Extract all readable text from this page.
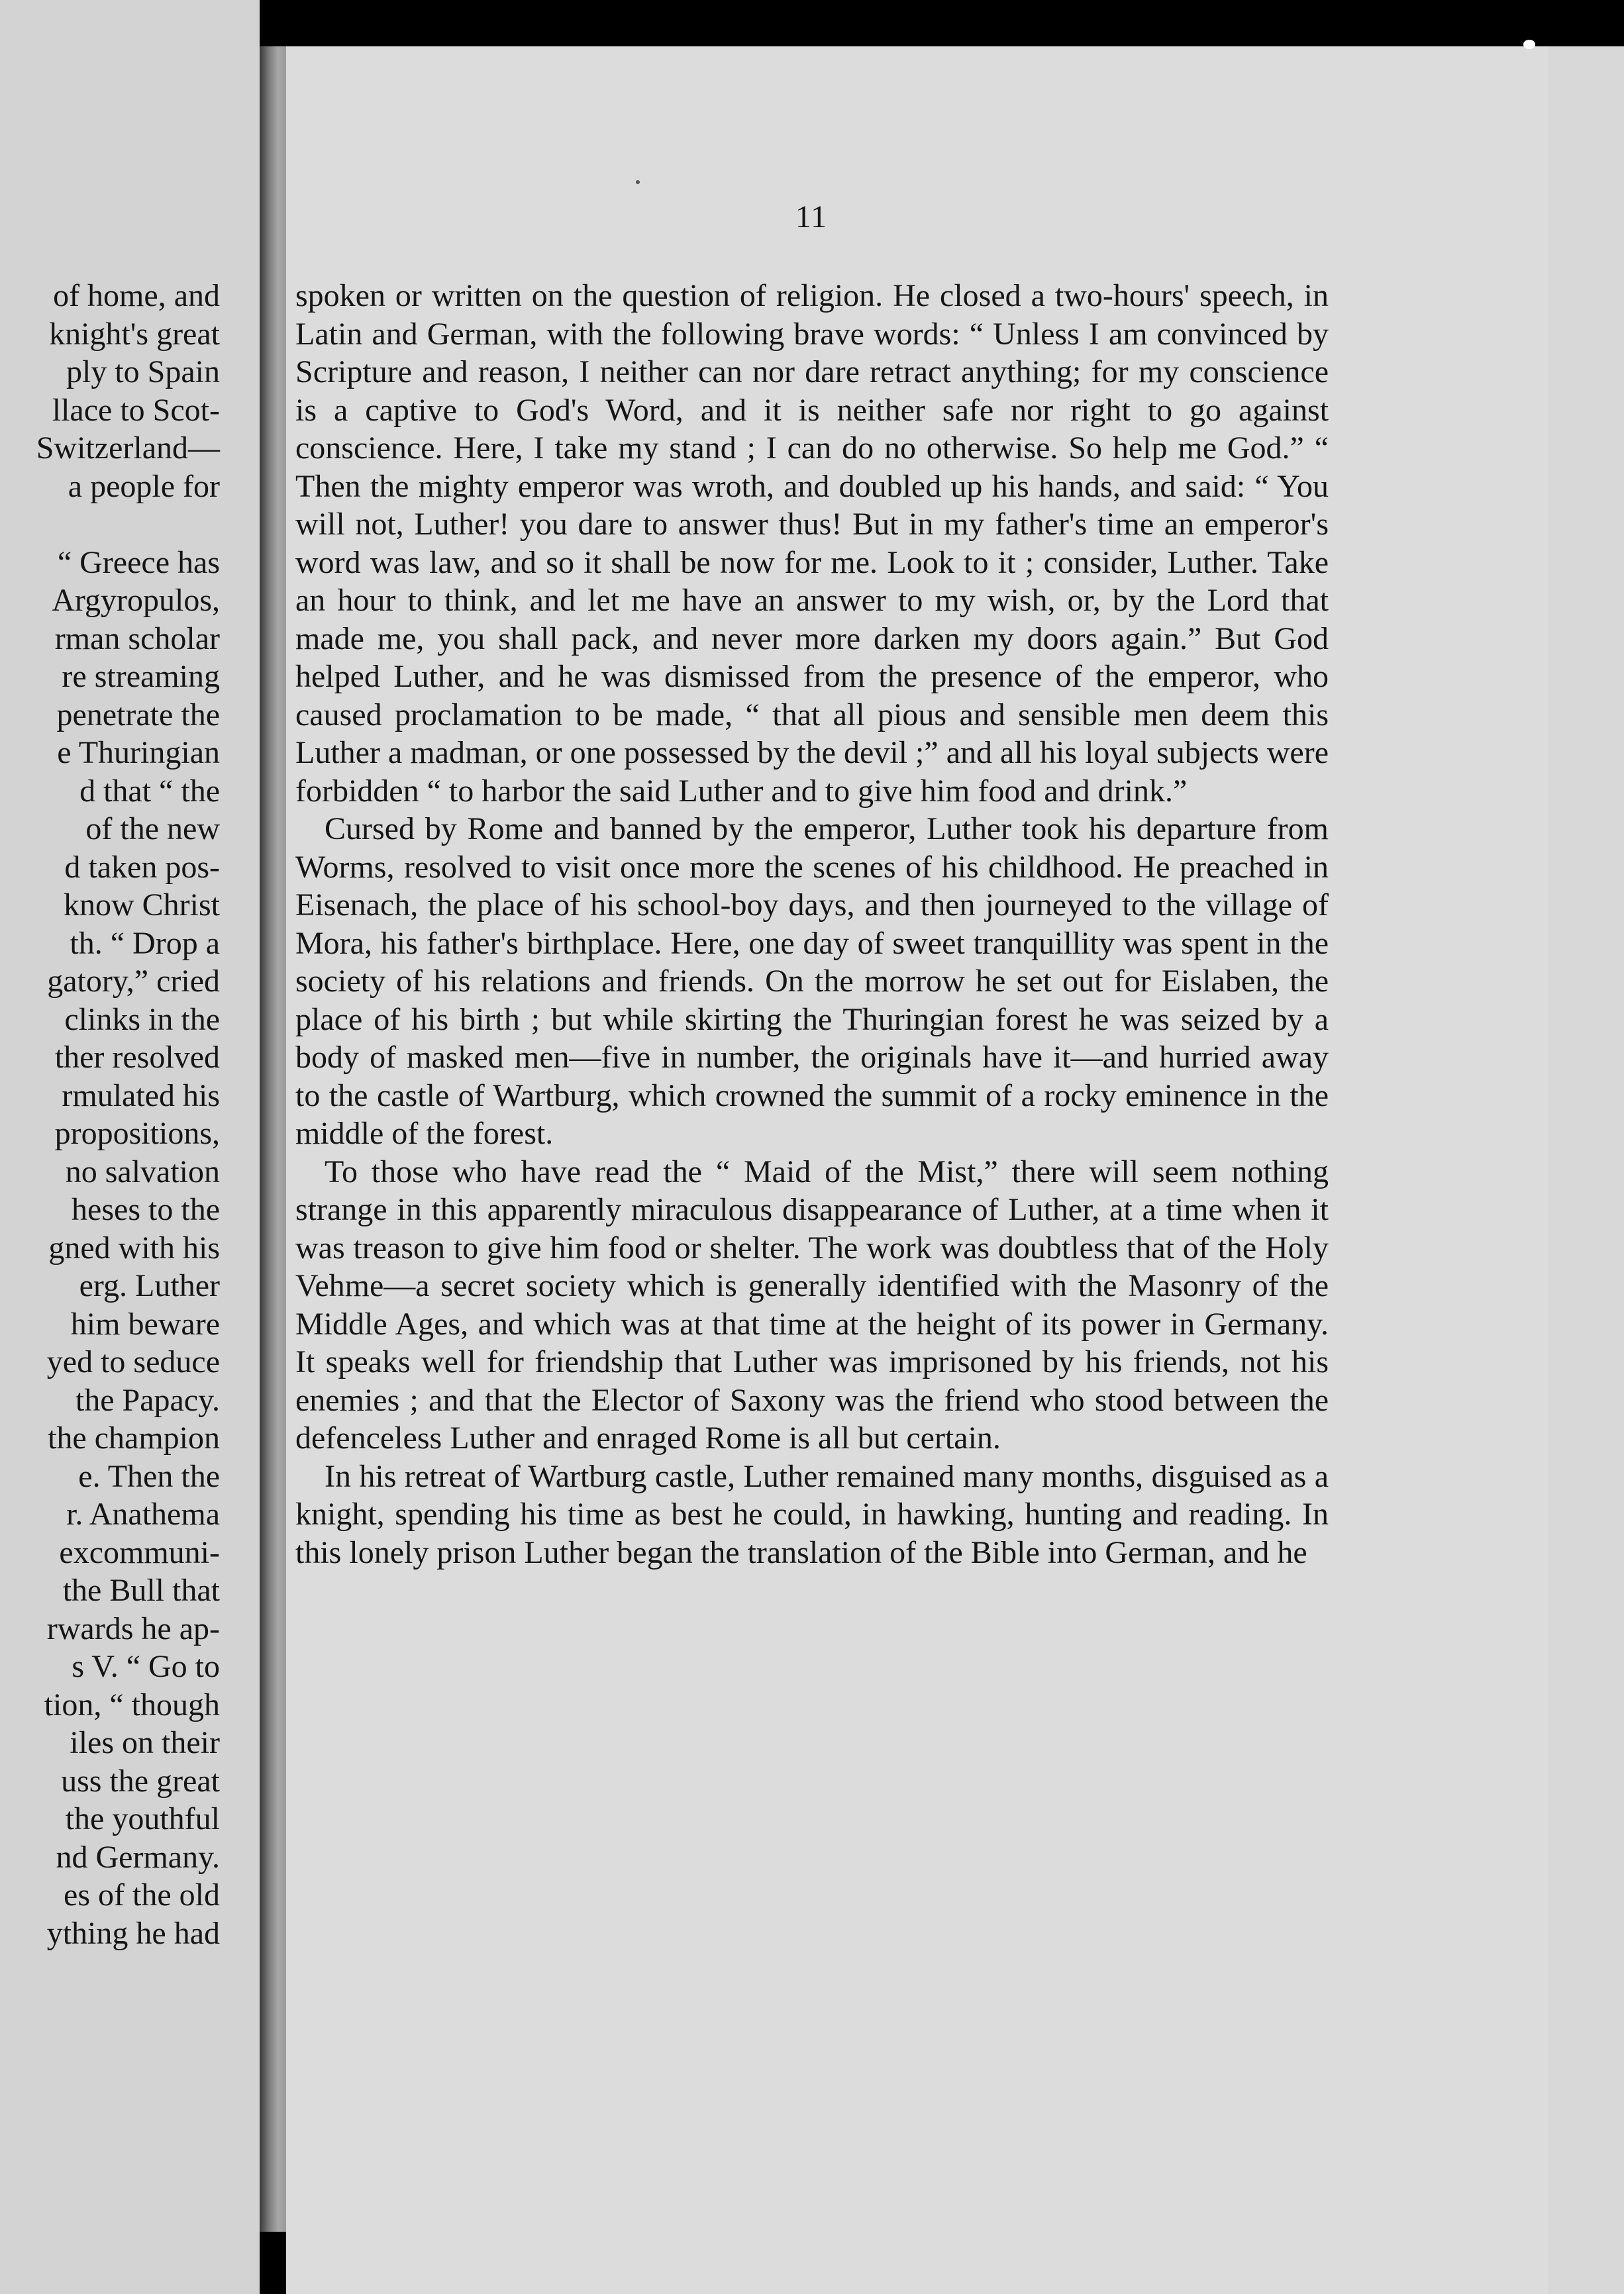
of home, and
knight's great
ply to Spain
llace to Scot-
Switzerland—
a people for
“ Greece has
Argyropulos,
rman scholar
re streaming
penetrate the
e Thuringian
d that “ the
of the new
d taken pos-
know Christ
th. “ Drop a
gatory,” cried
clinks in the
ther resolved
rmulated his
propositions,
no salvation
heses to the
gned with his
erg. Luther
him beware
yed to seduce
the Papacy.
the champion
e. Then the
r. Anathema
excommuni-
the Bull that
rwards he ap-
s V. “ Go to
tion, “ though
iles on their
uss the great
the youthful
nd Germany.
es of the old
ything he had
11

spoken or written on the question of religion. He closed a two-hours' speech, in Latin and German, with the following brave words: “ Unless I am convinced by Scripture and reason, I neither can nor dare retract anything; for my conscience is a captive to God's Word, and it is neither safe nor right to go against conscience. Here, I take my stand ; I can do no otherwise. So help me God.” “ Then the mighty emperor was wroth, and doubled up his hands, and said: “ You will not, Luther! you dare to answer thus! But in my father's time an emperor's word was law, and so it shall be now for me. Look to it ; consider, Luther. Take an hour to think, and let me have an answer to my wish, or, by the Lord that made me, you shall pack, and never more darken my doors again.” But God helped Luther, and he was dismissed from the presence of the emperor, who caused proclamation to be made, “ that all pious and sensible men deem this Luther a madman, or one possessed by the devil ;” and all his loyal subjects were forbidden “ to harbor the said Luther and to give him food and drink.”

Cursed by Rome and banned by the emperor, Luther took his departure from Worms, resolved to visit once more the scenes of his childhood. He preached in Eisenach, the place of his school-boy days, and then journeyed to the village of Mora, his father's birthplace. Here, one day of sweet tranquillity was spent in the society of his relations and friends. On the morrow he set out for Eislaben, the place of his birth ; but while skirting the Thuringian forest he was seized by a body of masked men—five in number, the originals have it—and hurried away to the castle of Wartburg, which crowned the summit of a rocky eminence in the middle of the forest.

To those who have read the “ Maid of the Mist,” there will seem nothing strange in this apparently miraculous disappearance of Luther, at a time when it was treason to give him food or shelter. The work was doubtless that of the Holy Vehme—a secret society which is generally identified with the Masonry of the Middle Ages, and which was at that time at the height of its power in Germany. It speaks well for friendship that Luther was imprisoned by his friends, not his enemies ; and that the Elector of Saxony was the friend who stood between the defenceless Luther and enraged Rome is all but certain.

In his retreat of Wartburg castle, Luther remained many months, disguised as a knight, spending his time as best he could, in hawking, hunting and reading. In this lonely prison Luther began the translation of the Bible into German, and he
